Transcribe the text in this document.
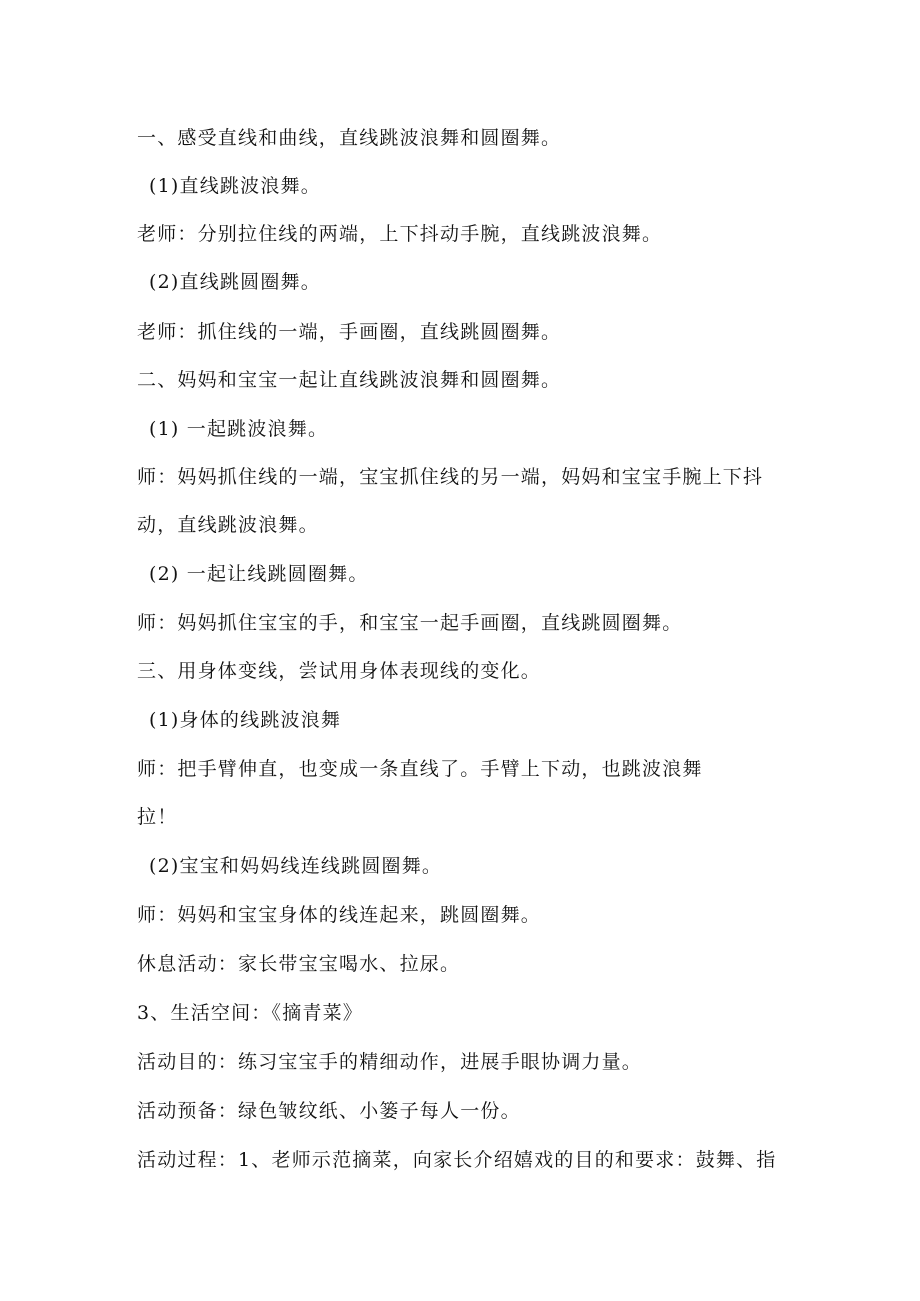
一、感受直线和曲线，直线跳波浪舞和圆圈舞。
(1)直线跳波浪舞。
老师：分别拉住线的两端，上下抖动手腕，直线跳波浪舞。
(2)直线跳圆圈舞。
老师：抓住线的一端，手画圈，直线跳圆圈舞。
二、妈妈和宝宝一起让直线跳波浪舞和圆圈舞。
(1) 一起跳波浪舞。
师：妈妈抓住线的一端，宝宝抓住线的另一端，妈妈和宝宝手腕上下抖
动，直线跳波浪舞。
(2) 一起让线跳圆圈舞。
师：妈妈抓住宝宝的手，和宝宝一起手画圈，直线跳圆圈舞。
三、用身体变线，尝试用身体表现线的变化。
(1)身体的线跳波浪舞
师：把手臂伸直，也变成一条直线了。手臂上下动，也跳波浪舞
拉！
(2)宝宝和妈妈线连线跳圆圈舞。
师：妈妈和宝宝身体的线连起来，跳圆圈舞。
休息活动：家长带宝宝喝水、拉尿。
3、生活空间：《摘青菜》
活动目的：练习宝宝手的精细动作，进展手眼协调力量。
活动预备：绿色皱纹纸、小篓子每人一份。
活动过程：1、老师示范摘菜，向家长介绍嬉戏的目的和要求：鼓舞、指
